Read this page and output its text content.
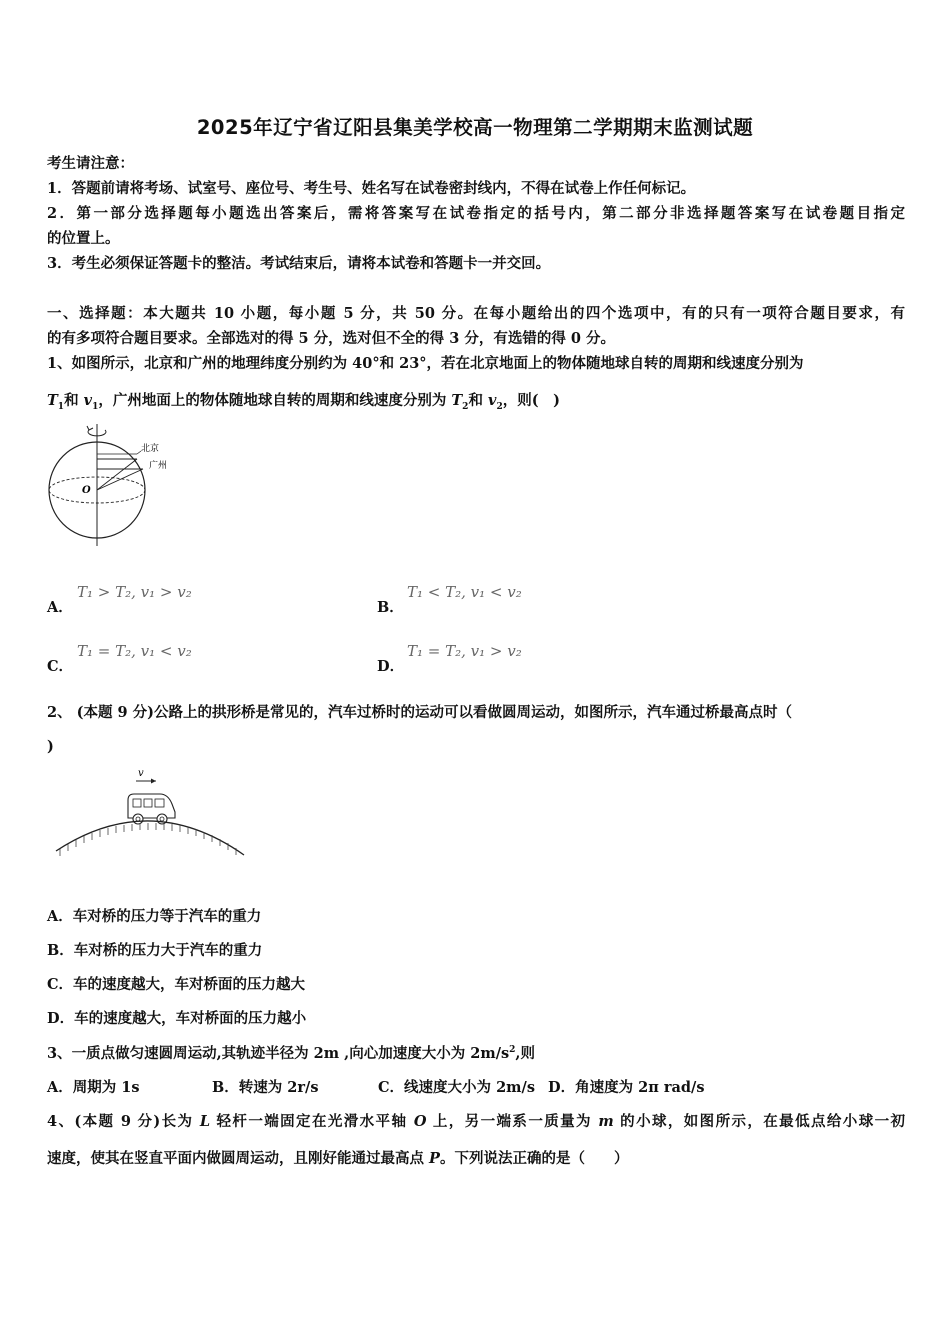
2025年辽宁省辽阳县集美学校高一物理第二学期期末监测试题
考生请注意：
1．答题前请将考场、试室号、座位号、考生号、姓名写在试卷密封线内，不得在试卷上作任何标记。
2．第一部分选择题每小题选出答案后，需将答案写在试卷指定的括号内，第二部分非选择题答案写在试卷题目指定
的位置上。
3．考生必须保证答题卡的整洁。考试结束后，请将本试卷和答题卡一并交回。
一、选择题：本大题共 10 小题，每小题 5 分，共 50 分。在每小题给出的四个选项中，有的只有一项符合题目要求，有
的有多项符合题目要求。全部选对的得 5 分，选对但不全的得 3 分，有选错的得 0 分。
1、如图所示，北京和广州的地理纬度分别约为 40°和 23°，若在北京地面上的物体随地球自转的周期和线速度分别为
$T_1$和 $v_1$，广州地面上的物体随地球自转的周期和线速度分别为 $T_2$和 $v_2$，则(　)
北京
广州
O
A．
T₁ > T₂, v₁ > v₂
B．
T₁ < T₂, v₁ < v₂
C．
T₁ = T₂, v₁ < v₂
D．
T₁ = T₂, v₁ > v₂
2、 (本题 9 分)公路上的拱形桥是常见的，汽车过桥时的运动可以看做圆周运动，如图所示，汽车通过桥最高点时（
)
v
A．车对桥的压力等于汽车的重力
B．车对桥的压力大于汽车的重力
C．车的速度越大，车对桥面的压力越大
D．车的速度越大，车对桥面的压力越小
3、一质点做匀速圆周运动,其轨迹半径为 2m ,向心加速度大小为 $2m/s^2$,则
A．周期为 1s	B．转速为 2r/s	C．线速度大小为 2m/s D．角速度为 2π rad/s
4、(本题 9 分)长为 L 轻杆一端固定在光滑水平轴 O 上，另一端系一质量为 m 的小球，如图所示，在最低点给小球一初
速度，使其在竖直平面内做圆周运动，且刚好能通过最高点 P。下列说法正确的是（　　）
